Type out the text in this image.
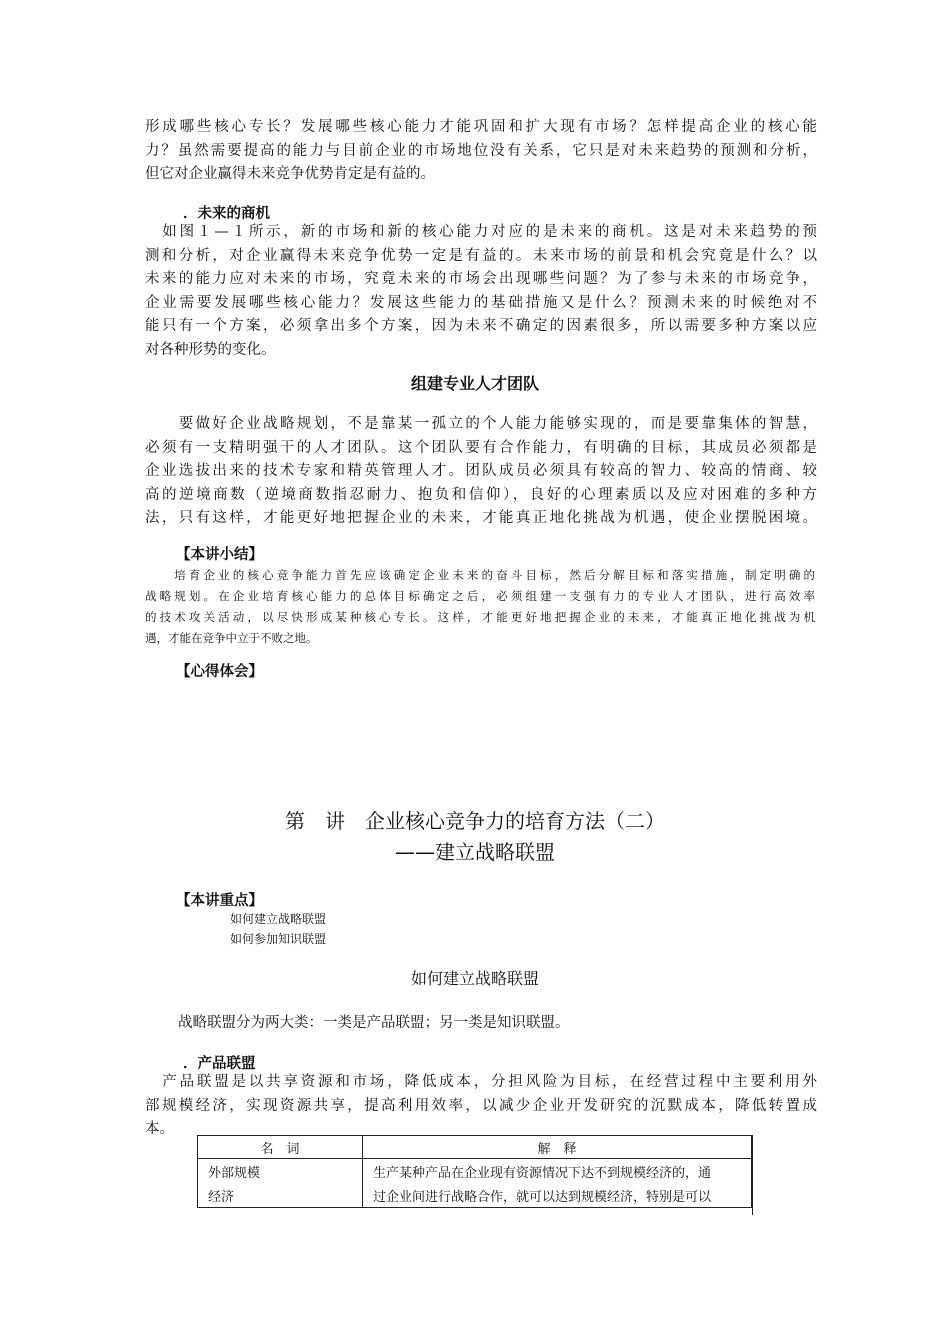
形成哪些核心专长？发展哪些核心能力才能巩固和扩大现有市场？怎样提高企业的核心能
力？虽然需要提高的能力与目前企业的市场地位没有关系，它只是对未来趋势的预测和分析，
但它对企业赢得未来竞争优势肯定是有益的。
．未来的商机
　如图１—１所示，新的市场和新的核心能力对应的是未来的商机。这是对未来趋势的预
测和分析，对企业赢得未来竞争优势一定是有益的。未来市场的前景和机会究竟是什么？以
未来的能力应对未来的市场，究竟未来的市场会出现哪些问题？为了参与未来的市场竞争，
企业需要发展哪些核心能力？发展这些能力的基础措施又是什么？预测未来的时候绝对不
能只有一个方案，必须拿出多个方案，因为未来不确定的因素很多，所以需要多种方案以应
对各种形势的变化。
组建专业人才团队
　　要做好企业战略规划，不是靠某一孤立的个人能力能够实现的，而是要靠集体的智慧，
必须有一支精明强干的人才团队。这个团队要有合作能力，有明确的目标，其成员必须都是
企业选拔出来的技术专家和精英管理人才。团队成员必须具有较高的智力、较高的情商、较
高的逆境商数（逆境商数指忍耐力、抱负和信仰），良好的心理素质以及应对困难的多种方
法，只有这样，才能更好地把握企业的未来，才能真正地化挑战为机遇，使企业摆脱困境。
【本讲小结】
　　培育企业的核心竞争能力首先应该确定企业未来的奋斗目标，然后分解目标和落实措施，制定明确的
战略规划。在企业培育核心能力的总体目标确定之后，必须组建一支强有力的专业人才团队，进行高效率
的技术攻关活动，以尽快形成某种核心专长。这样，才能更好地把握企业的未来，才能真正地化挑战为机
遇，才能在竞争中立于不败之地。
【心得体会】
第　讲　企业核心竞争力的培育方法（二）
——建立战略联盟
【本讲重点】
如何建立战略联盟
如何参加知识联盟
如何建立战略联盟
战略联盟分为两大类：一类是产品联盟；另一类是知识联盟。
．产品联盟
　产品联盟是以共享资源和市场，降低成本，分担风险为目标，在经营过程中主要利用外
部规模经济，实现资源共享，提高利用效率，以减少企业开发研究的沉默成本，降低转置成
本。
名　词	解　释
外部规模	生产某种产品在企业现有资源情况下达不到规模经济的，通
经济	过企业间进行战略合作，就可以达到规模经济，特别是可以
